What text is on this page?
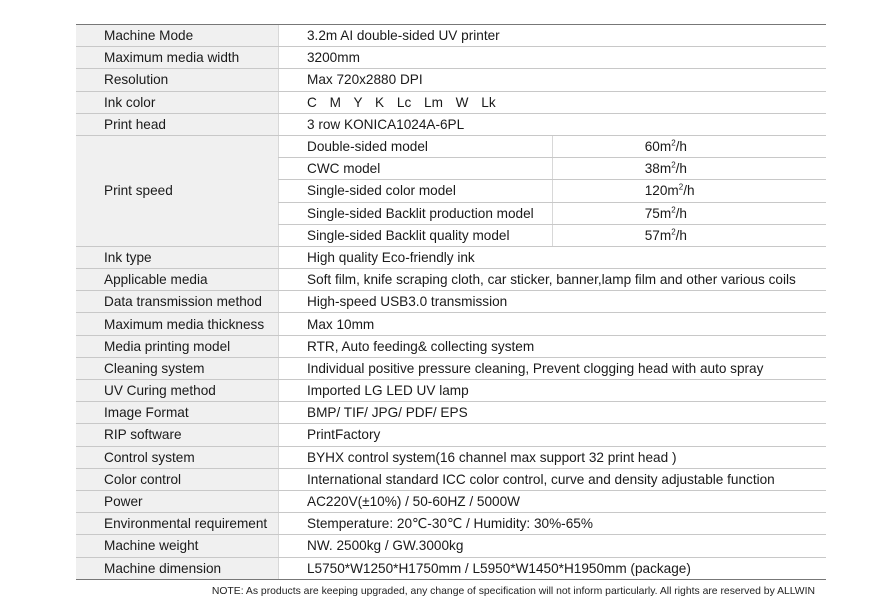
Machine Mode	3.2m AI double-sided UV printer	
Maximum media width	3200mm	
Resolution	Max 720x2880 DPI	
Ink color	C M Y K Lc Lm W Lk	
Print head	3 row KONICA1024A-6PL	
Print speed	Double-sided model	$60m^2/h$
	CWC model	$38m^2/h$
	Single-sided color model	$120m^2/h$
	Single-sided Backlit production model	$75m^2/h$
	Single-sided Backlit quality model	$57m^2/h$
Ink type	High quality Eco-friendly ink	
Applicable media	Soft film, knife scraping cloth, car sticker, banner,lamp film and other various coils	
Data transmission method	High-speed USB3.0 transmission	
Maximum media thickness	Max 10mm	
Media printing model	RTR, Auto feeding& collecting system	
Cleaning system	Individual positive pressure cleaning, Prevent clogging head with auto spray	
UV Curing method	Imported LG LED UV lamp	
Image Format	BMP/ TIF/ JPG/ PDF/ EPS	
RIP software	PrintFactory	
Control system	BYHX control system(16 channel max support 32 print head )	
Color control	International standard ICC color control, curve and density adjustable function	
Power	AC220V(±10%) / 50-60HZ / 5000W	
Environmental requirement	Stemperature: 20℃-30℃ / Humidity: 30%-65%	
Machine weight	NW. 2500kg / GW.3000kg	
Machine dimension	L5750*W1250*H1750mm / L5950*W1450*H1950mm (package)	
NOTE: As products are keeping upgraded, any change of specification will not inform particularly. All rights are reserved by ALLWIN
